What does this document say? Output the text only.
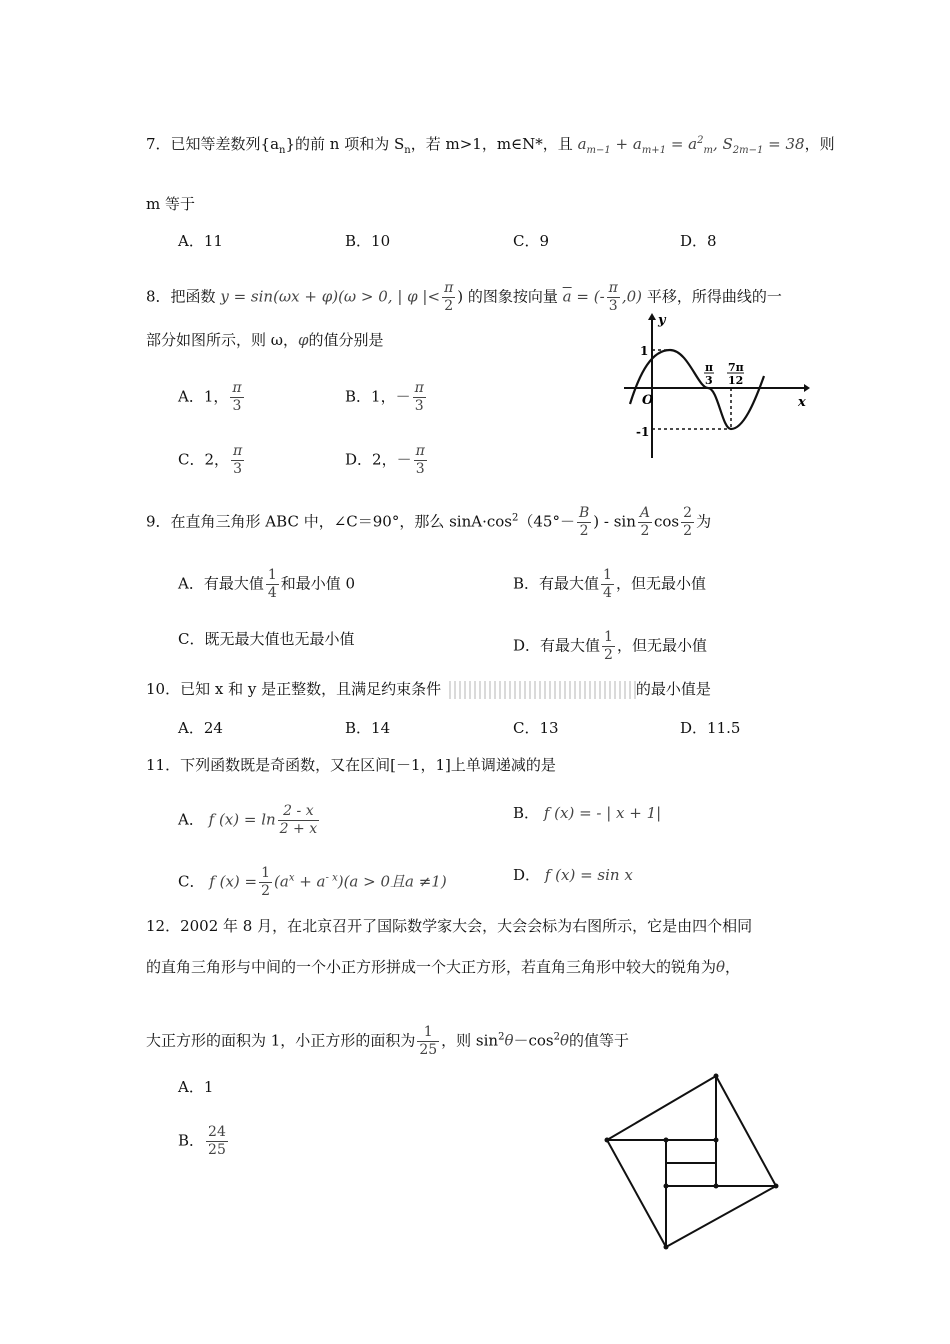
7．已知等差数列$\{a_n\}$的前 n 项和为 $S_n$，若 m>1，m∈N*，且 $a_{m-1} + a_{m+1} = a^2_m$, $S_{2m-1} = 38$，则
m 等于
A．11	B．10	C．9	D．8
8．把函数 y = sin(ωx + φ)(ω > 0, | φ |< $\frac{\pi}{2}$ ) 的图象按向量 $\overline{a}$ = (- $\frac{\pi}{3} ,0$) 平移，所得曲线的一
部分如图所示，则 ω，φ的值分别是
A．1， $\frac{\pi}{3}$	B．1，－ $\frac{\pi}{3}$
C．2， $\frac{\pi}{3}$	D．2，－ $\frac{\pi}{3}$
y
x
O
1
-1
π
3
7π
12
9．在直角三角形 ABC 中，∠C＝90°，那么 $\sin A\cdot\cos^2(45^\circ- \frac{B}{2}$ ) - $\sin \frac{A}{2}$ $\cos \frac{2}{2}$ 为
A．有最大值 $\frac{1}{4}$ 和最小值 0	B．有最大值 $\frac{1}{4}$ ，但无最小值
C．既无最大值也无最小值	D．有最大值 $\frac{1}{2}$ ，但无最小值
10．已知 x 和 y 是正整数，且满足约束条件	的最小值是
A．24	B．14	C．13	D．11.5
11．下列函数既是奇函数，又在区间[－1，1]上单调递减的是
A． f $(x) = \ln \frac{2 - x}{2 + x}$	B． f (x) = - | x + 1|
C． f $(x) = \frac{1}{2} (a^x + a^{- x})(a > 0$且a ≠1)	D． f (x) = sin x
12．2002 年 8 月，在北京召开了国际数学家大会，大会会标为右图所示，它是由四个相同
的直角三角形与中间的一个小正方形拼成一个大正方形，若直角三角形中较大的锐角为θ，
大正方形的面积为 1，小正方形的面积为 $\frac{1}{25}$ ，则 $\sin^2\theta-\cos^2\theta$的值等于
A．1
B． $\frac{24}{25}$
